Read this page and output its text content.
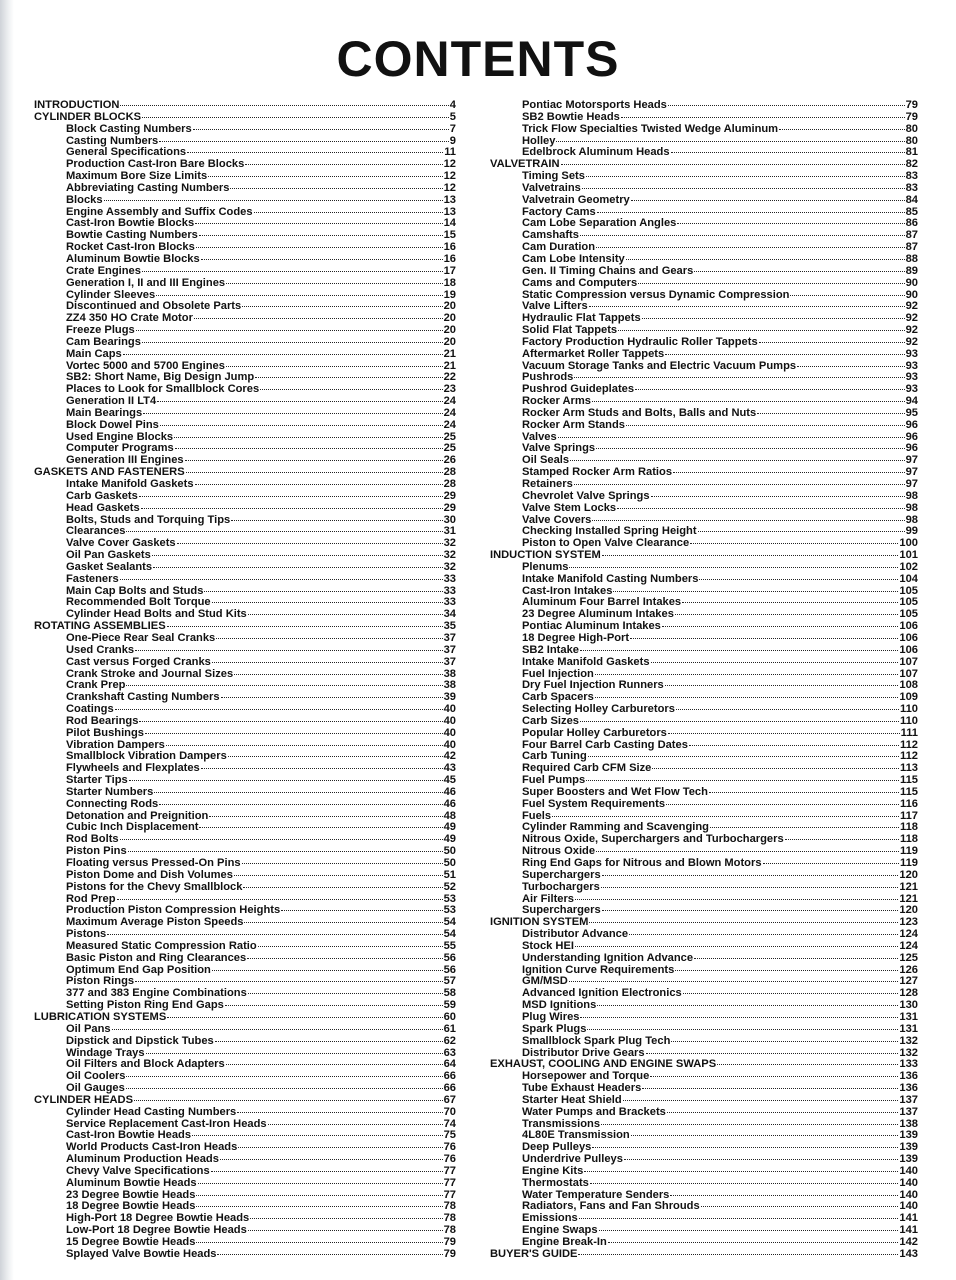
CONTENTS
INTRODUCTION	4
CYLINDER BLOCKS	5
Block Casting Numbers	7
Casting Numbers	9
General Specifications	11
Production Cast-Iron Bare Blocks	12
Maximum Bore Size Limits	12
Abbreviating Casting Numbers	12
Blocks	13
Engine Assembly and Suffix Codes	13
Cast-Iron Bowtie Blocks	14
Bowtie Casting Numbers	15
Rocket Cast-Iron Blocks	16
Aluminum Bowtie Blocks	16
Crate Engines	17
Generation I, II and III Engines	18
Cylinder Sleeves	19
Discontinued and Obsolete Parts	20
ZZ4 350 HO Crate Motor	20
Freeze Plugs	20
Cam Bearings	20
Main Caps	21
Vortec 5000 and 5700 Engines	21
SB2: Short Name, Big Design Jump	22
Places to Look for Smallblock Cores	23
Generation II LT4	24
Main Bearings	24
Block Dowel Pins	24
Used Engine Blocks	25
Computer Programs	25
Generation III Engines	26
GASKETS AND FASTENERS	28
Intake Manifold Gaskets	28
Carb Gaskets	29
Head Gaskets	29
Bolts, Studs and Torquing Tips	30
Clearances	31
Valve Cover Gaskets	32
Oil Pan Gaskets	32
Gasket Sealants	32
Fasteners	33
Main Cap Bolts and Studs	33
Recommended Bolt Torque	33
Cylinder Head Bolts and Stud Kits	34
ROTATING ASSEMBLIES	35
One-Piece Rear Seal Cranks	37
Used Cranks	37
Cast versus Forged Cranks	37
Crank Stroke and Journal Sizes	38
Crank Prep	38
Crankshaft Casting Numbers	39
Coatings	40
Rod Bearings	40
Pilot Bushings	40
Vibration Dampers	40
Smallblock Vibration Dampers	42
Flywheels and Flexplates	43
Starter Tips	45
Starter Numbers	46
Connecting Rods	46
Detonation and Preignition	48
Cubic Inch Displacement	49
Rod Bolts	49
Piston Pins	50
Floating versus Pressed-On Pins	50
Piston Dome and Dish Volumes	51
Pistons for the Chevy Smallblock	52
Rod Prep	53
Production Piston Compression Heights	53
Maximum Average Piston Speeds	54
Pistons	54
Measured Static Compression Ratio	55
Basic Piston and Ring Clearances	56
Optimum End Gap Position	56
Piston Rings	57
377 and 383 Engine Combinations	58
Setting Piston Ring End Gaps	59
LUBRICATION SYSTEMS	60
Oil Pans	61
Dipstick and Dipstick Tubes	62
Windage Trays	63
Oil Filters and Block Adapters	64
Oil Coolers	66
Oil Gauges	66
CYLINDER HEADS	67
Cylinder Head Casting Numbers	70
Service Replacement Cast-Iron Heads	74
Cast-Iron Bowtie Heads	75
World Products Cast-Iron Heads	76
Aluminum Production Heads	76
Chevy Valve Specifications	77
Aluminum Bowtie Heads	77
23 Degree Bowtie Heads	77
18 Degree Bowtie Heads	78
High-Port 18 Degree Bowtie Heads	78
Low-Port 18 Degree Bowtie Heads	78
15 Degree Bowtie Heads	79
Splayed Valve Bowtie Heads	79
Pontiac Motorsports Heads	79
SB2 Bowtie Heads	79
Trick Flow Specialties Twisted Wedge Aluminum	80
Holley	80
Edelbrock Aluminum Heads	81
VALVETRAIN	82
Timing Sets	83
Valvetrains	83
Valvetrain Geometry	84
Factory Cams	85
Cam Lobe Separation Angles	86
Camshafts	87
Cam Duration	87
Cam Lobe Intensity	88
Gen. II Timing Chains and Gears	89
Cams and Computers	90
Static Compression versus Dynamic Compression	90
Valve Lifters	92
Hydraulic Flat Tappets	92
Solid Flat Tappets	92
Factory Production Hydraulic Roller Tappets	92
Aftermarket Roller Tappets	93
Vacuum Storage Tanks and Electric Vacuum Pumps	93
Pushrods	93
Pushrod Guideplates	93
Rocker Arms	94
Rocker Arm Studs and Bolts, Balls and Nuts	95
Rocker Arm Stands	96
Valves	96
Valve Springs	96
Oil Seals	97
Stamped Rocker Arm Ratios	97
Retainers	97
Chevrolet Valve Springs	98
Valve Stem Locks	98
Valve Covers	98
Checking Installed Spring Height	99
Piston to Open Valve Clearance	100
INDUCTION SYSTEM	101
Plenums	102
Intake Manifold Casting Numbers	104
Cast-Iron Intakes	105
Aluminum Four Barrel Intakes	105
23 Degree Aluminum Intakes	105
Pontiac Aluminum Intakes	106
18 Degree High-Port	106
SB2 Intake	106
Intake Manifold Gaskets	107
Fuel Injection	107
Dry Fuel Injection Runners	108
Carb Spacers	109
Selecting Holley Carburetors	110
Carb Sizes	110
Popular Holley Carburetors	111
Four Barrel Carb Casting Dates	112
Carb Tuning	112
Required Carb CFM Size	113
Fuel Pumps	115
Super Boosters and Wet Flow Tech	115
Fuel System Requirements	116
Fuels	117
Cylinder Ramming and Scavenging	118
Nitrous Oxide, Superchargers and Turbochargers	118
Nitrous Oxide	119
Ring End Gaps for Nitrous and Blown Motors	119
Superchargers	120
Turbochargers	121
Air Filters	121
Superchargers	120
IGNITION SYSTEM	123
Distributor Advance	124
Stock HEI	124
Understanding Ignition Advance	125
Ignition Curve Requirements	126
GM/MSD	127
Advanced Ignition Electronics	128
MSD Ignitions	130
Plug Wires	131
Spark Plugs	131
Smallblock Spark Plug Tech	132
Distributor Drive Gears	132
EXHAUST, COOLING AND ENGINE SWAPS	133
Horsepower and Torque	136
Tube Exhaust Headers	136
Starter Heat Shield	137
Water Pumps and Brackets	137
Transmissions	138
4L80E Transmission	139
Deep Pulleys	139
Underdrive Pulleys	139
Engine Kits	140
Thermostats	140
Water Temperature Senders	140
Radiators, Fans and Fan Shrouds	140
Emissions	141
Engine Swaps	141
Engine Break-In	142
BUYER'S GUIDE	143
